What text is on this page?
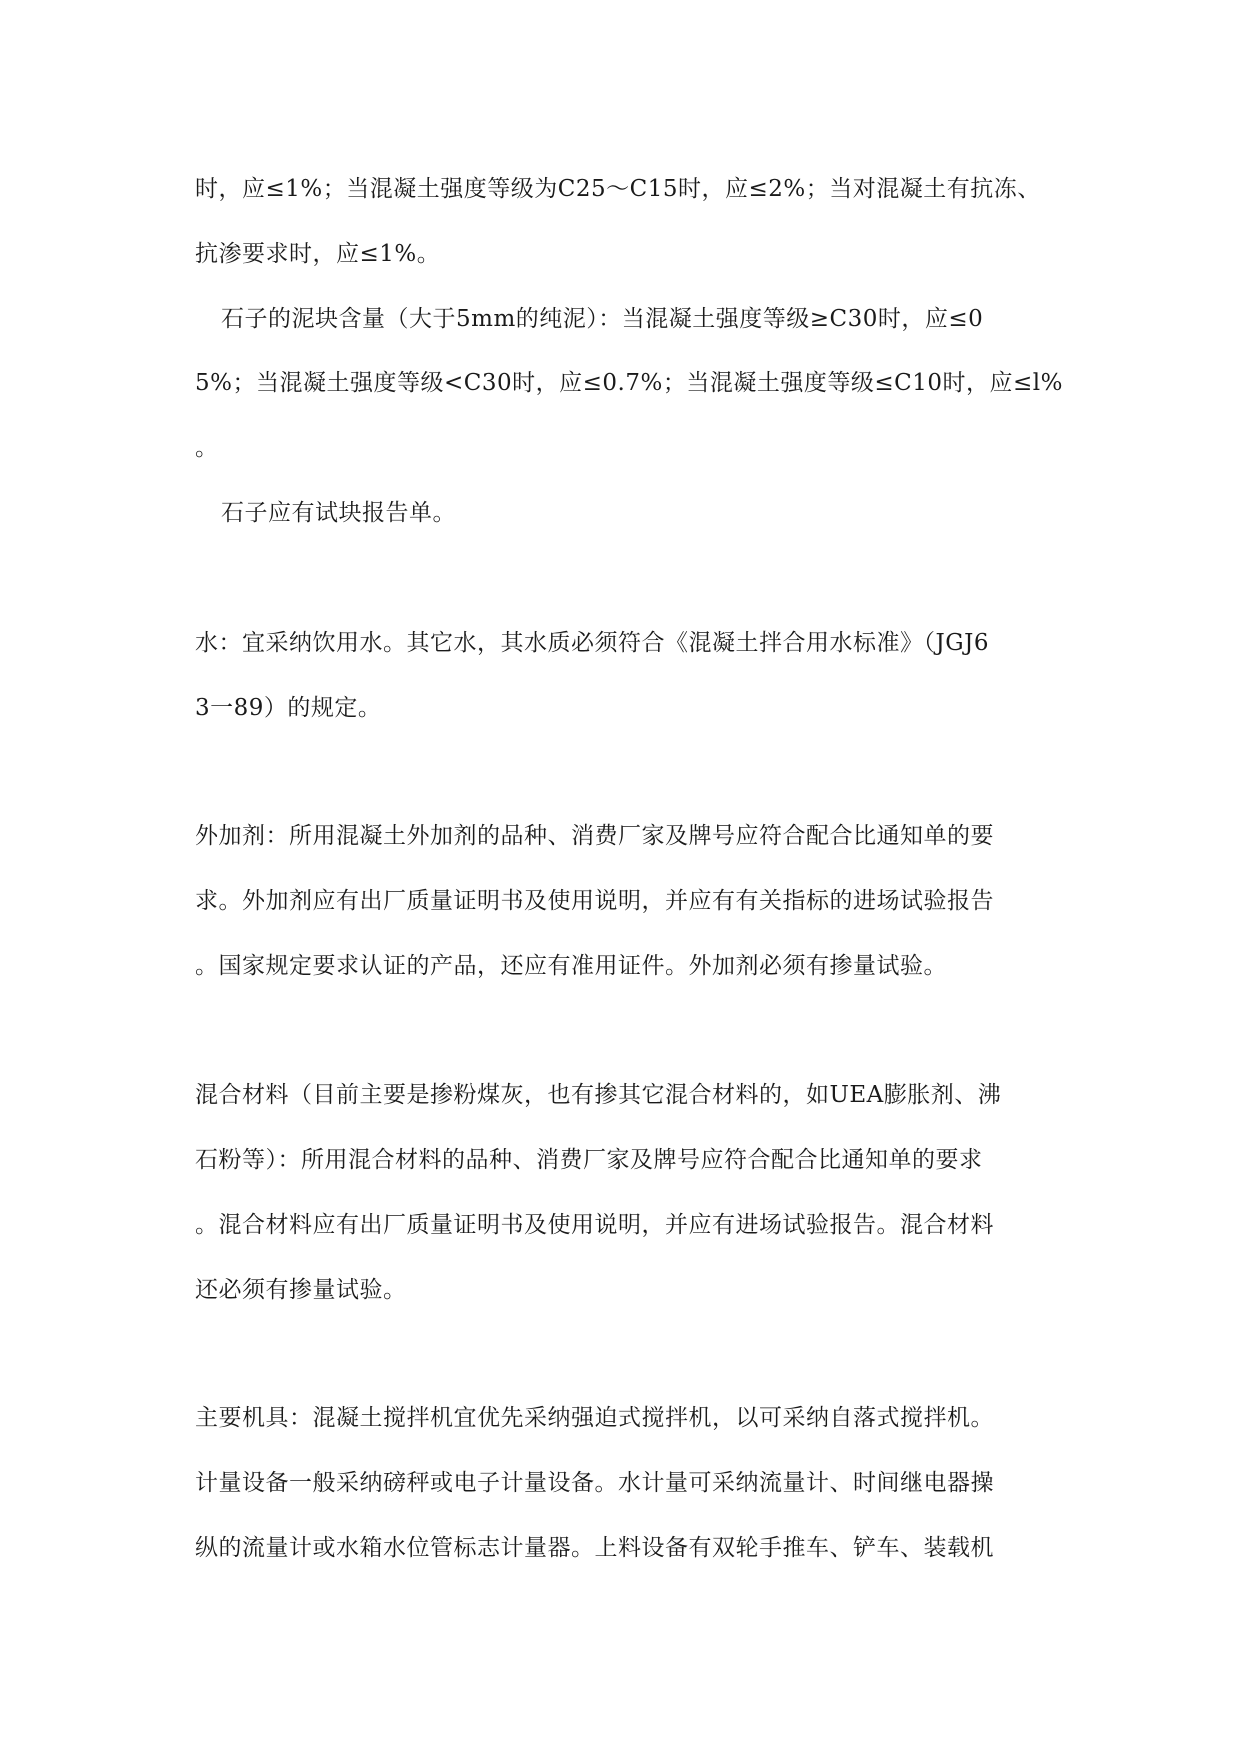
时，应≤1%；当混凝土强度等级为C25～C15时，应≤2%；当对混凝土有抗冻、
抗渗要求时，应≤1%。
石子的泥块含量（大于5mm的纯泥）：当混凝土强度等级≥C30时，应≤0
5%；当混凝土强度等级<C30时，应≤0.7%；当混凝土强度等级≤C10时，应≤l%
。
石子应有试块报告单。
水：宜采纳饮用水。其它水，其水质必须符合《混凝土拌合用水标准》（JGJ6
3一89）的规定。
外加剂：所用混凝土外加剂的品种、消费厂家及牌号应符合配合比通知单的要
求。外加剂应有出厂质量证明书及使用说明，并应有有关指标的进场试验报告
。国家规定要求认证的产品，还应有准用证件。外加剂必须有掺量试验。
混合材料（目前主要是掺粉煤灰，也有掺其它混合材料的，如UEA膨胀剂、沸
石粉等）：所用混合材料的品种、消费厂家及牌号应符合配合比通知单的要求
。混合材料应有出厂质量证明书及使用说明，并应有进场试验报告。混合材料
还必须有掺量试验。
主要机具：混凝土搅拌机宜优先采纳强迫式搅拌机，以可采纳自落式搅拌机。
计量设备一般采纳磅秤或电子计量设备。水计量可采纳流量计、时间继电器操
纵的流量计或水箱水位管标志计量器。上料设备有双轮手推车、铲车、装载机
